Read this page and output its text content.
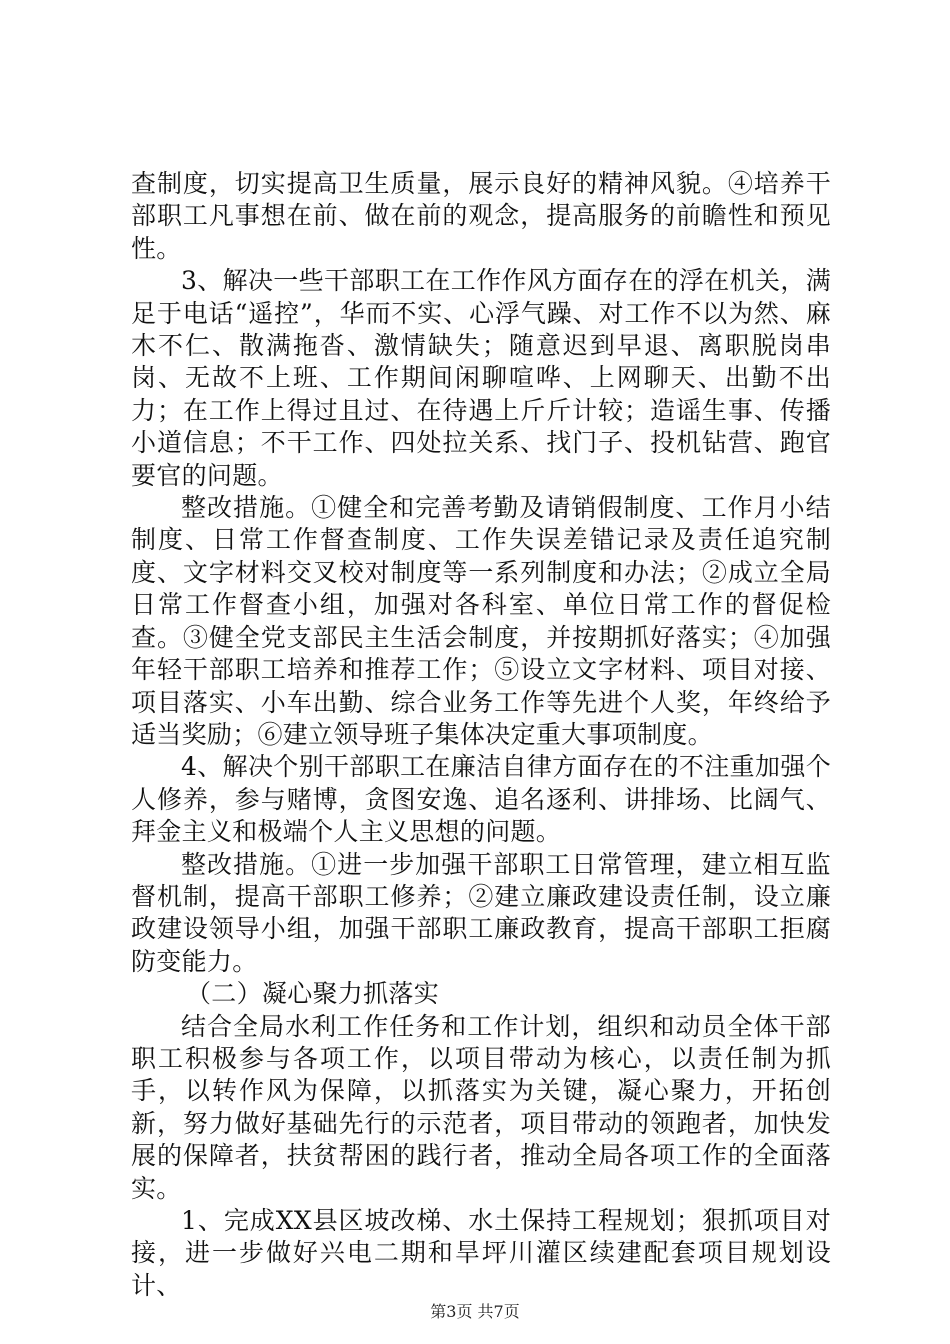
查制度，切实提高卫生质量，展示良好的精神风貌。④培养干部职工凡事想在前、做在前的观念，提高服务的前瞻性和预见性。

3、解决一些干部职工在工作作风方面存在的浮在机关，满足于电话“遥控”，华而不实、心浮气躁、对工作不以为然、麻木不仁、散满拖沓、激情缺失；随意迟到早退、离职脱岗串岗、无故不上班、工作期间闲聊喧哗、上网聊天、出勤不出力；在工作上得过且过、在待遇上斤斤计较；造谣生事、传播小道信息；不干工作、四处拉关系、找门子、投机钻营、跑官要官的问题。

整改措施。①健全和完善考勤及请销假制度、工作月小结制度、日常工作督查制度、工作失误差错记录及责任追究制度、文字材料交叉校对制度等一系列制度和办法；②成立全局日常工作督查小组，加强对各科室、单位日常工作的督促检查。③健全党支部民主生活会制度，并按期抓好落实；④加强年轻干部职工培养和推荐工作；⑤设立文字材料、项目对接、项目落实、小车出勤、综合业务工作等先进个人奖，年终给予适当奖励；⑥建立领导班子集体决定重大事项制度。

4、解决个别干部职工在廉洁自律方面存在的不注重加强个人修养，参与赌博，贪图安逸、追名逐利、讲排场、比阔气、拜金主义和极端个人主义思想的问题。

整改措施。①进一步加强干部职工日常管理，建立相互监督机制，提高干部职工修养；②建立廉政建设责任制，设立廉政建设领导小组，加强干部职工廉政教育，提高干部职工拒腐防变能力。

（二）凝心聚力抓落实

结合全局水利工作任务和工作计划，组织和动员全体干部职工积极参与各项工作，以项目带动为核心，以责任制为抓手，以转作风为保障，以抓落实为关键，凝心聚力，开拓创新，努力做好基础先行的示范者，项目带动的领跑者，加快发展的保障者，扶贫帮困的践行者，推动全局各项工作的全面落实。

1、完成XX县区坡改梯、水土保持工程规划；狠抓项目对接，进一步做好兴电二期和旱坪川灌区续建配套项目规划设计、

第3页 共7页
